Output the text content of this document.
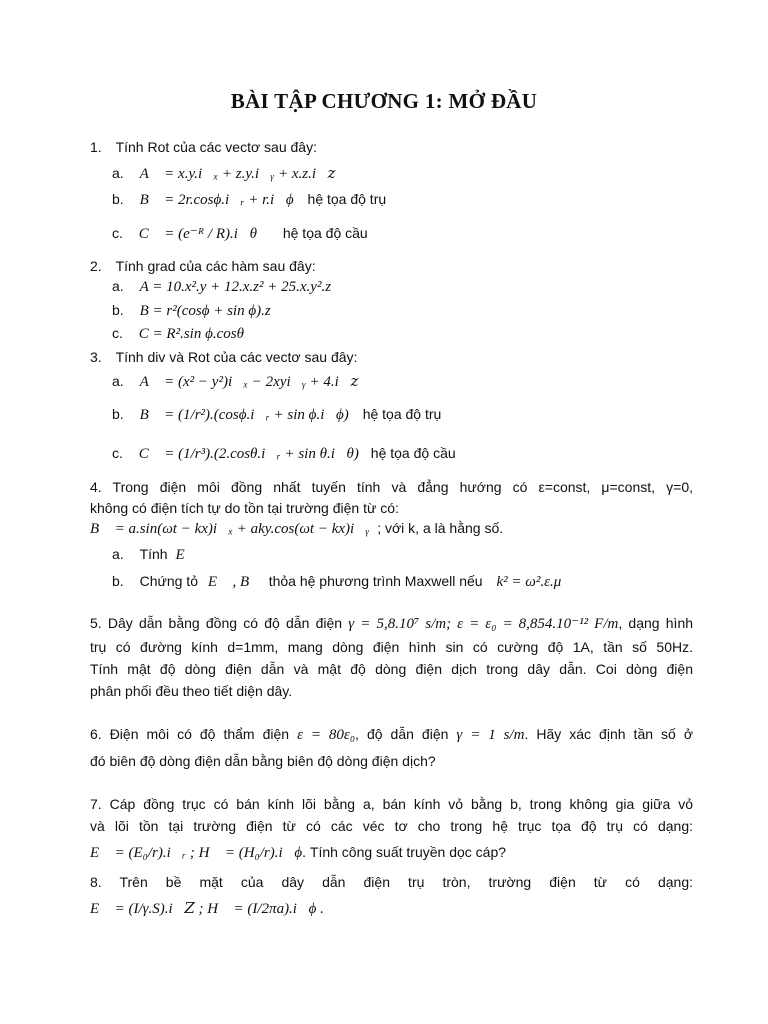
BÀI TẬP CHƯƠNG 1: MỞ ĐẦU
1. Tính Rot của các vectơ sau đây:
a. A⃗ = x.y.i⃗ₓ + z.y.i⃗ᵧ + x.z.i⃗𝑧
b. B⃗ = 2r.cosϕ.i⃗ᵣ + r.i⃗ϕ hệ tọa độ trụ
c. C⃗ = (e⁻ᴿ / R).i⃗θ hệ tọa độ cầu
2. Tính grad của các hàm sau đây:
a. A = 10.x².y + 12.x.z² + 25.x.y².z
b. B = r²(cosϕ + sin ϕ).z
c. C = R².sin ϕ.cosθ
3. Tính div và Rot của các vectơ sau đây:
a. A⃗ = (x² − y²)i⃗ₓ − 2xyi⃗ᵧ + 4.i⃗𝑧
b. B⃗ = (1/r²).(cosϕ.i⃗ᵣ + sin ϕ.i⃗ϕ) hệ tọa độ trụ
c. C⃗ = (1/r³).(2.cosθ.i⃗ᵣ + sin θ.i⃗θ) hệ tọa độ cầu
4. Trong điện môi đồng nhất tuyến tính và đẳng hướng có ε=const, μ=const, γ=0,
không có điện tích tự do tồn tại trường điện từ có:
B⃗ = a.sin(ωt − kx)i⃗ₓ + aky.cos(ωt − kx)i⃗ᵧ ; với k, a là hằng số.
a. Tính E⃗
b. Chứng tỏ E⃗ , B⃗ thỏa hệ phương trình Maxwell nếu k² = ω².ε.μ
5. Dây dẫn bằng đồng có độ dẫn điện γ = 5,8.10⁷ s/m; ε = ε₀ = 8,854.10⁻¹² F/m, dạng hình
trụ có đường kính d=1mm, mang dòng điện hình sin có cường độ 1A, tần số 50Hz.
Tính mật độ dòng điện dẫn và mật độ dòng điện dịch trong dây dẫn. Coi dòng điện
phân phối đều theo tiết diện dây.
6. Điện môi có độ thẩm điện ε = 80ε₀, độ dẫn điện γ = 1 s/m. Hãy xác định tần số ở
đó biên độ dòng điện dẫn bằng biên độ dòng điện dịch?
7. Cáp đồng trục có bán kính lõi bằng a, bán kính vỏ bằng b, trong không gia giữa vỏ
và lõi tồn tại trường điện từ có các véc tơ cho trong hệ trục tọa độ trụ có dạng:
E⃗ = (E₀/r).i⃗ᵣ ; H⃗ = (H₀/r).i⃗ϕ. Tính công suất truyền dọc cáp?
8. Trên bề mặt của dây dẫn điện trụ tròn, trường điện từ có dạng:
E⃗ = (I/γ.S).i⃗𝑍 ; H⃗ = (I/2πa).i⃗ϕ .
